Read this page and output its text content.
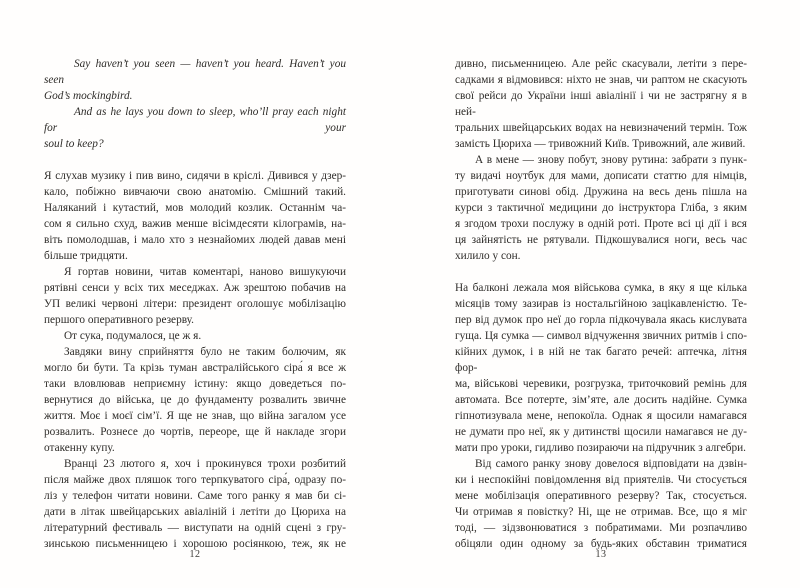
Say haven’t you seen — haven’t you heard. Haven’t you seen
God’s mockingbird.
And as he lays you down to sleep, who’ll pray each night for your
soul to keep?
Я слухав музику і пив вино, сидячи в кріслі. Дивився у дзер-
кало, побіжно вивчаючи свою анатомію. Смішний такий.
Наляканий і кутастий, мов молодий козлик. Останнім ча-
сом я сильно схуд, важив менше вісімдесяти кілограмів, на-
віть помолодшав, і мало хто з незнайомих людей давав мені
більше тридцяти.
Я гортав новини, читав коментарі, наново вишукуючи
рятівні сенси у всіх тих меседжах. Аж зрештою побачив на
УП великі червоні літери: президент оголошує мобілізацію
першого оперативного резерву.
От сука, подумалося, це ж я.
Завдяки вину сприйняття було не таким болючим, як
могло би бути. Та крізь туман австралійського сіра́ я все ж
таки вловлював неприємну істину: якщо доведеться по-
вернутися до війська, це до фундаменту розвалить звичне
життя. Моє і моєї сім’ї. Я ще не знав, що війна загалом усе
розвалить. Рознесе до чортів, переоре, ще й накладе згори
отакенну купу.
Вранці 23 лютого я, хоч і прокинувся трохи розбитий
після майже двох пляшок того терпкуватого сіра́, одразу по-
ліз у телефон читати новини. Саме того ранку я мав би сі-
дати в літак швейцарських авіаліній і летіти до Цюриха на
літературний фестиваль — виступати на одній сцені з гру-
зинською письменницею і хорошою росіянкою, теж, як не
12
дивно, письменницею. Але рейс скасували, летіти з пере-
садками я відмовився: ніхто не знав, чи раптом не скасують
свої рейси до України інші авіалінії і чи не застрягну я в ней-
тральних швейцарських водах на невизначений термін. Тож
замість Цюриха — тривожний Київ. Тривожний, але живий.
А в мене — знову побут, знову рутина: забрати з пунк-
ту видачі ноутбук для мами, дописати статтю для німців,
приготувати синові обід. Дружина на весь день пішла на
курси з тактичної медицини до інструктора Гліба, з яким
я згодом трохи послужу в одній роті. Проте всі ці дії і вся
ця зайнятість не рятували. Підкошувалися ноги, весь час
хилило у сон.
На балконі лежала моя військова сумка, в яку я ще кілька
місяців тому зазирав із ностальгійною зацікавленістю. Те-
пер від думок про неї до горла підкочувала якась кислувата
гуща. Ця сумка — символ відчуження звичних ритмів і спо-
кійних думок, і в ній не так багато речей: аптечка, літня фор-
ма, військові черевики, розгрузка, триточковий ремінь для
автомата. Все потерте, зім’яте, але досить надійне. Сумка
гіпнотизувала мене, непокоїла. Однак я щосили намагався
не думати про неї, як у дитинстві щосили намагався не ду-
мати про уроки, гидливо позираючи на підручник з алгебри.
Від самого ранку знову довелося відповідати на дзвін-
ки і неспокійні повідомлення від приятелів. Чи стосується
мене мобілізація оперативного резерву? Так, стосується.
Чи отримав я повістку? Ні, ще не отримав. Все, що я міг
тоді, — зідзвонюватися з побратимами. Ми розпачливо
обіцяли один одному за будь-яких обставин триматися
13
